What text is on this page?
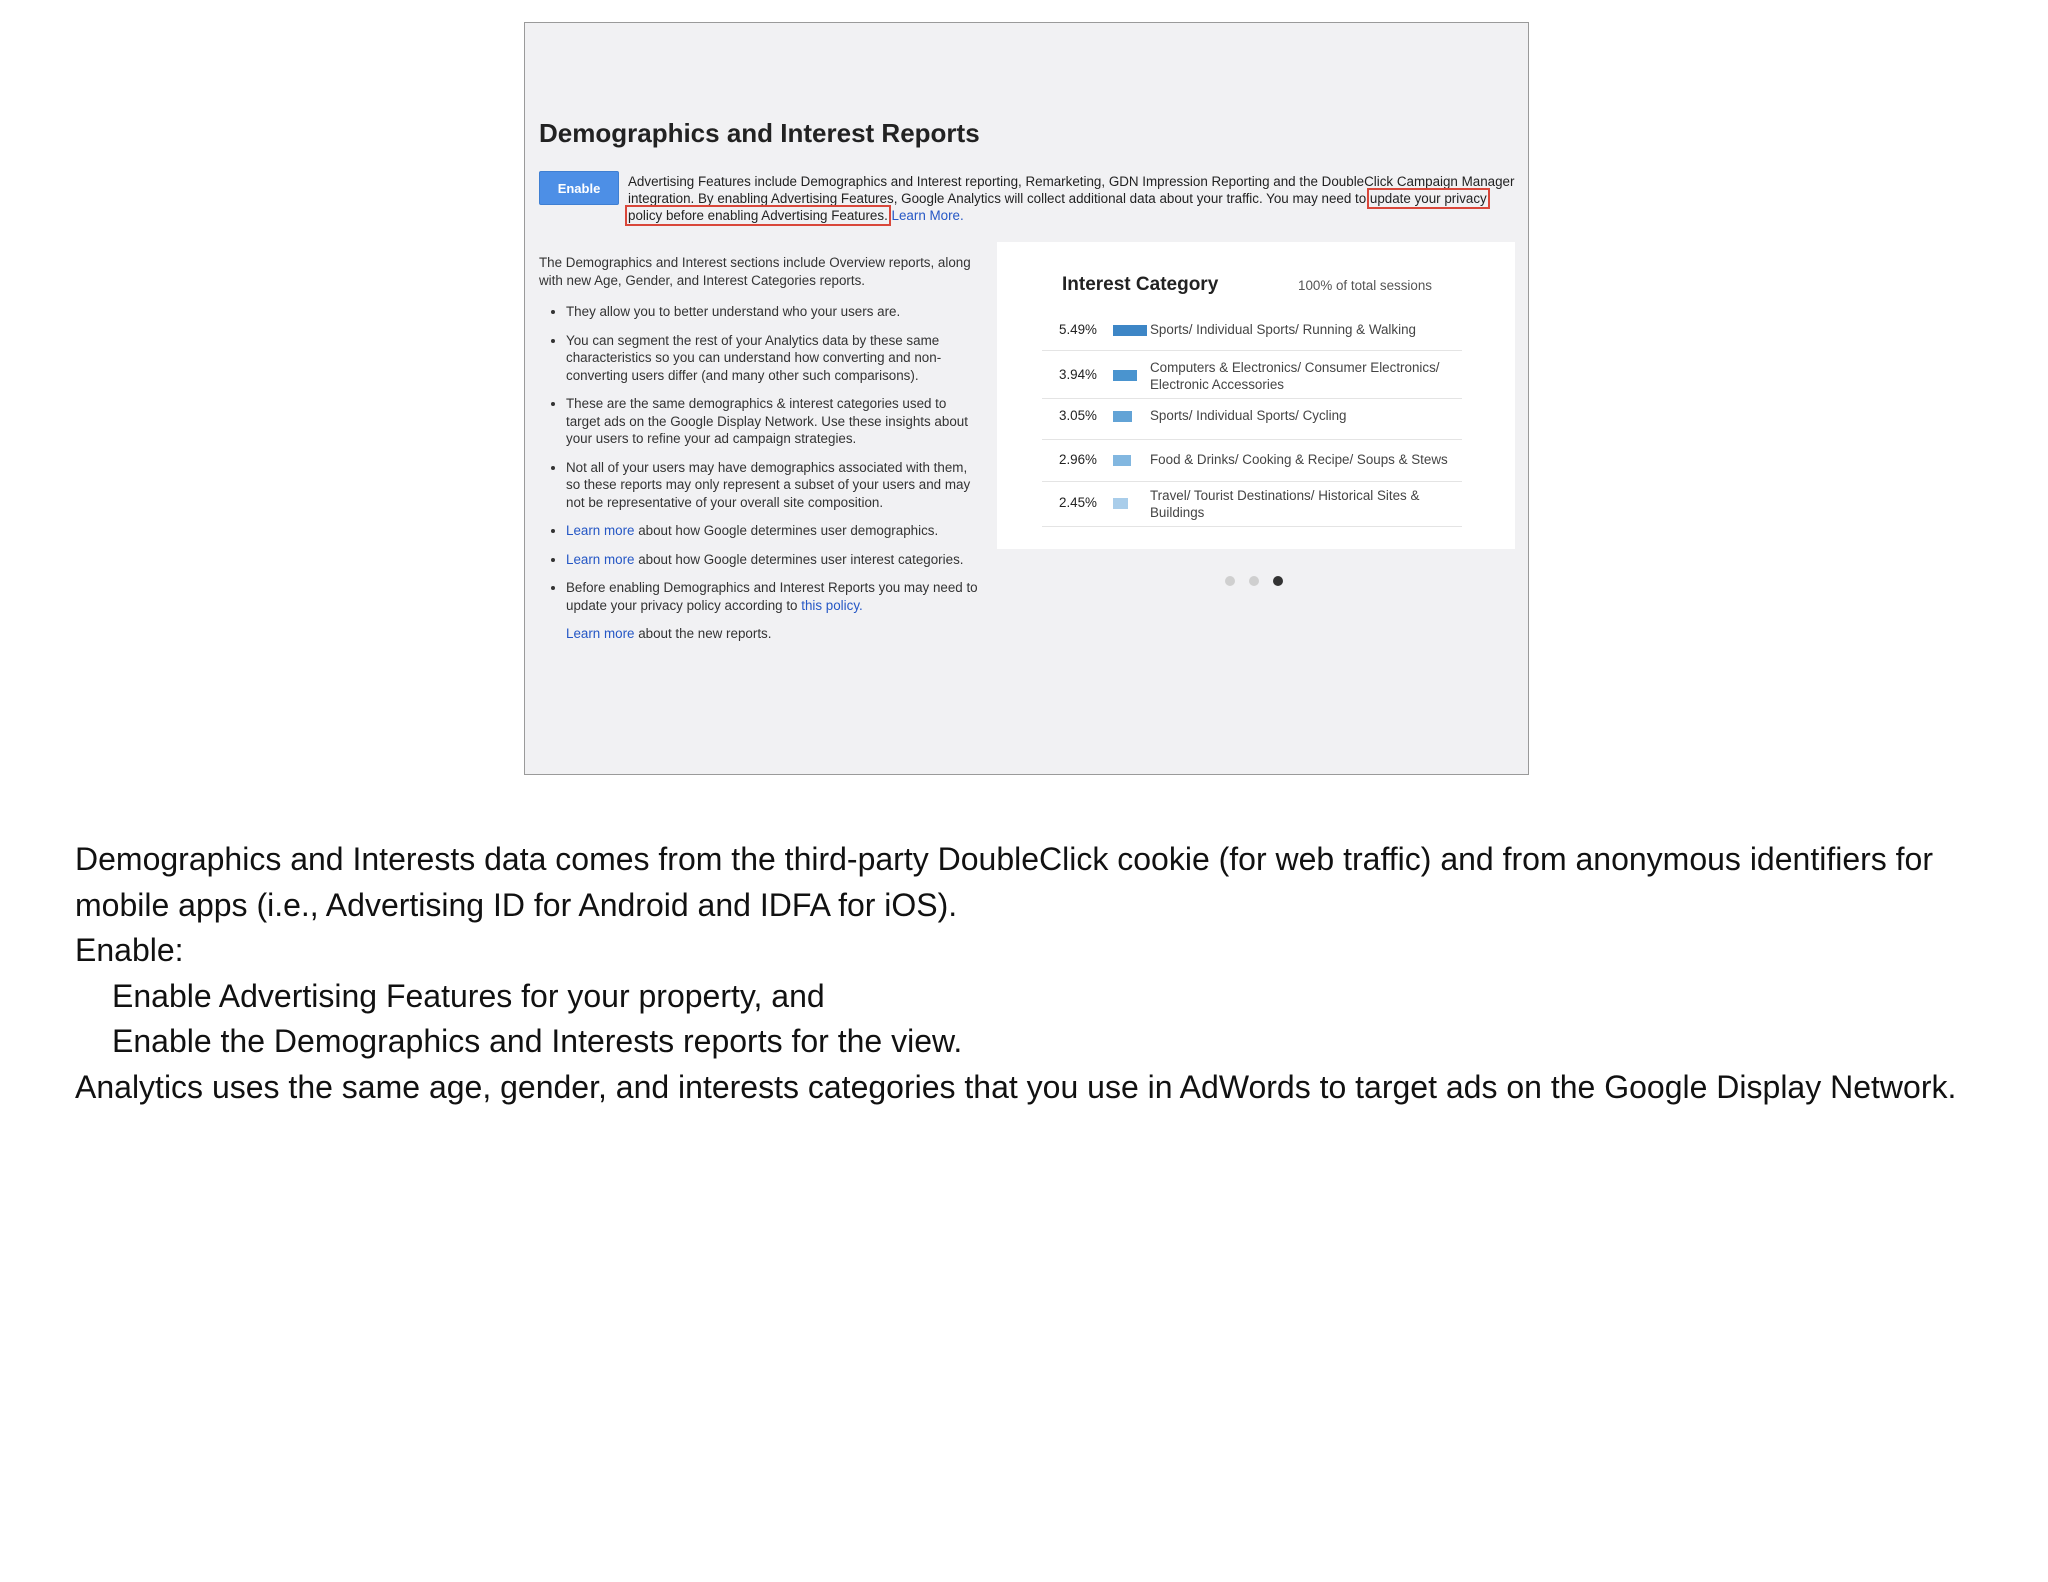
Demographics and Interest Reports
Enable	Advertising Features include Demographics and Interest reporting, Remarketing, GDN Impression Reporting and the DoubleClick Campaign Manager integration. By enabling Advertising Features, Google Analytics will collect additional data about your traffic. You may need to update your privacy policy before enabling Advertising Features. Learn More.

The Demographics and Interest sections include Overview reports, along with new Age, Gender, and Interest Categories reports.

• They allow you to better understand who your users are.
• You can segment the rest of your Analytics data by these same characteristics so you can understand how converting and non-converting users differ (and many other such comparisons).
• These are the same demographics & interest categories used to target ads on the Google Display Network. Use these insights about your users to refine your ad campaign strategies.
• Not all of your users may have demographics associated with them, so these reports may only represent a subset of your users and may not be representative of your overall site composition.
• Learn more about how Google determines user demographics.
• Learn more about how Google determines user interest categories.
• Before enabling Demographics and Interest Reports you may need to update your privacy policy according to this policy.

Learn more about the new reports.

Interest Category	100% of total sessions
5.49%	Sports/ Individual Sports/ Running & Walking
3.94%	Computers & Electronics/ Consumer Electronics/ Electronic Accessories
3.05%	Sports/ Individual Sports/ Cycling
2.96%	Food & Drinks/ Cooking & Recipe/ Soups & Stews
2.45%	Travel/ Tourist Destinations/ Historical Sites & Buildings

Demographics and Interests data comes from the third-party DoubleClick cookie (for web traffic) and from anonymous identifiers for mobile apps (i.e., Advertising ID for Android and IDFA for iOS).

Enable:

Enable Advertising Features for your property, and

Enable the Demographics and Interests reports for the view.

Analytics uses the same age, gender, and interests categories that you use in AdWords to target ads on the Google Display Network.
